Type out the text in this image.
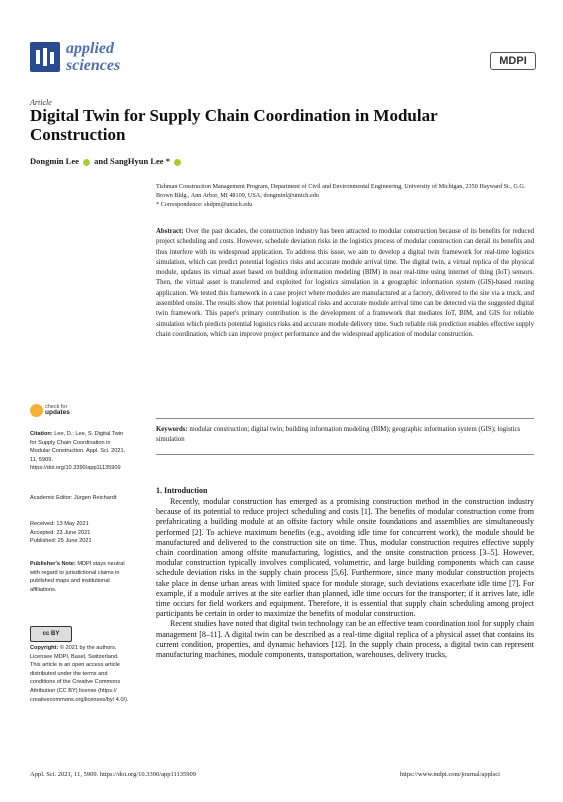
applied
sciences	MDPI
Article
Digital Twin for Supply Chain Coordination in Modular Construction
Dongmin Lee and SangHyun Lee *
Tishman Construction Management Program, Department of Civil and Environmental Engineering, University of Michigan, 2350 Hayward St., G.G. Brown Bldg., Ann Arbor, MI 48109, USA; dongminl@umich.edu
* Correspondence: shdpm@umich.edu
Abstract: Over the past decades, the construction industry has been attracted to modular construction because of its benefits for reduced project scheduling and costs. However, schedule deviation risks in the logistics process of modular construction can derail its benefits and thus interfere with its widespread application. To address this issue, we aim to develop a digital twin framework for real-time logistics simulation, which can predict potential logistics risks and accurate module arrival time. The digital twin, a virtual replica of the physical module, updates its virtual asset based on building information modeling (BIM) in near real-time using internet of thing (IoT) sensors. Then, the virtual asset is transferred and exploited for logistics simulation in a geographic information system (GIS)-based routing application. We tested this framework in a case project where modules are manufactured at a factory, delivered to the site via a truck, and assembled onsite. The results show that potential logistical risks and accurate module arrival time can be detected via the suggested digital twin framework. This paper's primary contribution is the development of a framework that mediates IoT, BIM, and GIS for reliable simulation which predicts potential logistics risks and accurate module delivery time. Such reliable risk prediction enables effective supply chain coordination, which can improve project performance and the widespread application of modular construction.
Keywords: modular construction; digital twin; building information modeling (BIM); geographic information system (GIS); logistics simulation
1. Introduction

Recently, modular construction has emerged as a promising construction method in the construction industry because of its potential to reduce project scheduling and costs [1]. The benefits of modular construction come from prefabricating a building module at an offsite factory while onsite foundations and assemblies are simultaneously performed [2]. To achieve maximum benefits (e.g., avoiding idle time for concurrent work), the module should be manufactured and delivered to the construction site on time. Thus, modular construction requires effective supply chain coordination among offsite manufacturing, logistics, and the onsite construction process [3–5]. However, modular construction typically involves complicated, volumetric, and large building components which can cause schedule deviation risks in the supply chain process [5,6]. Furthermore, since many modular construction projects take place in dense urban areas with limited space for module storage, such deviations exacerbate idle time [7]. For example, if a module arrives at the site earlier than planned, idle time occurs for the transporter; if it arrives late, idle time occurs for field workers and equipment. Therefore, it is essential that supply chain scheduling among project participants be certain in order to maximize the benefits of modular construction.

Recent studies have noted that digital twin technology can be an effective team coordination tool for supply chain management [8–11]. A digital twin can be described as a real-time digital replica of a physical asset that contains its current condition, properties, and dynamic behaviors [12]. In the supply chain process, a digital twin can represent manufacturing machines, module components, transportation, warehouses, delivery trucks,

check for
updates
Citation: Lee, D.; Lee, S. Digital Twin for Supply Chain Coordination in Modular Construction. Appl. Sci. 2021, 11, 5909. https://doi.org/10.3390/app11135909
Academic Editor: Jürgen Reichardt
Received: 13 May 2021
Accepted: 23 June 2021
Published: 25 June 2021
Publisher's Note: MDPI stays neutral with regard to jurisdictional claims in published maps and institutional affiliations.
cc BY
Copyright: © 2021 by the authors. Licensee MDPI, Basel, Switzerland. This article is an open access article distributed under the terms and conditions of the Creative Commons Attribution (CC BY) license (https:// creativecommons.org/licenses/by/ 4.0/).
Appl. Sci. 2021, 11, 5909. https://doi.org/10.3390/app11135909	https://www.mdpi.com/journal/applsci
